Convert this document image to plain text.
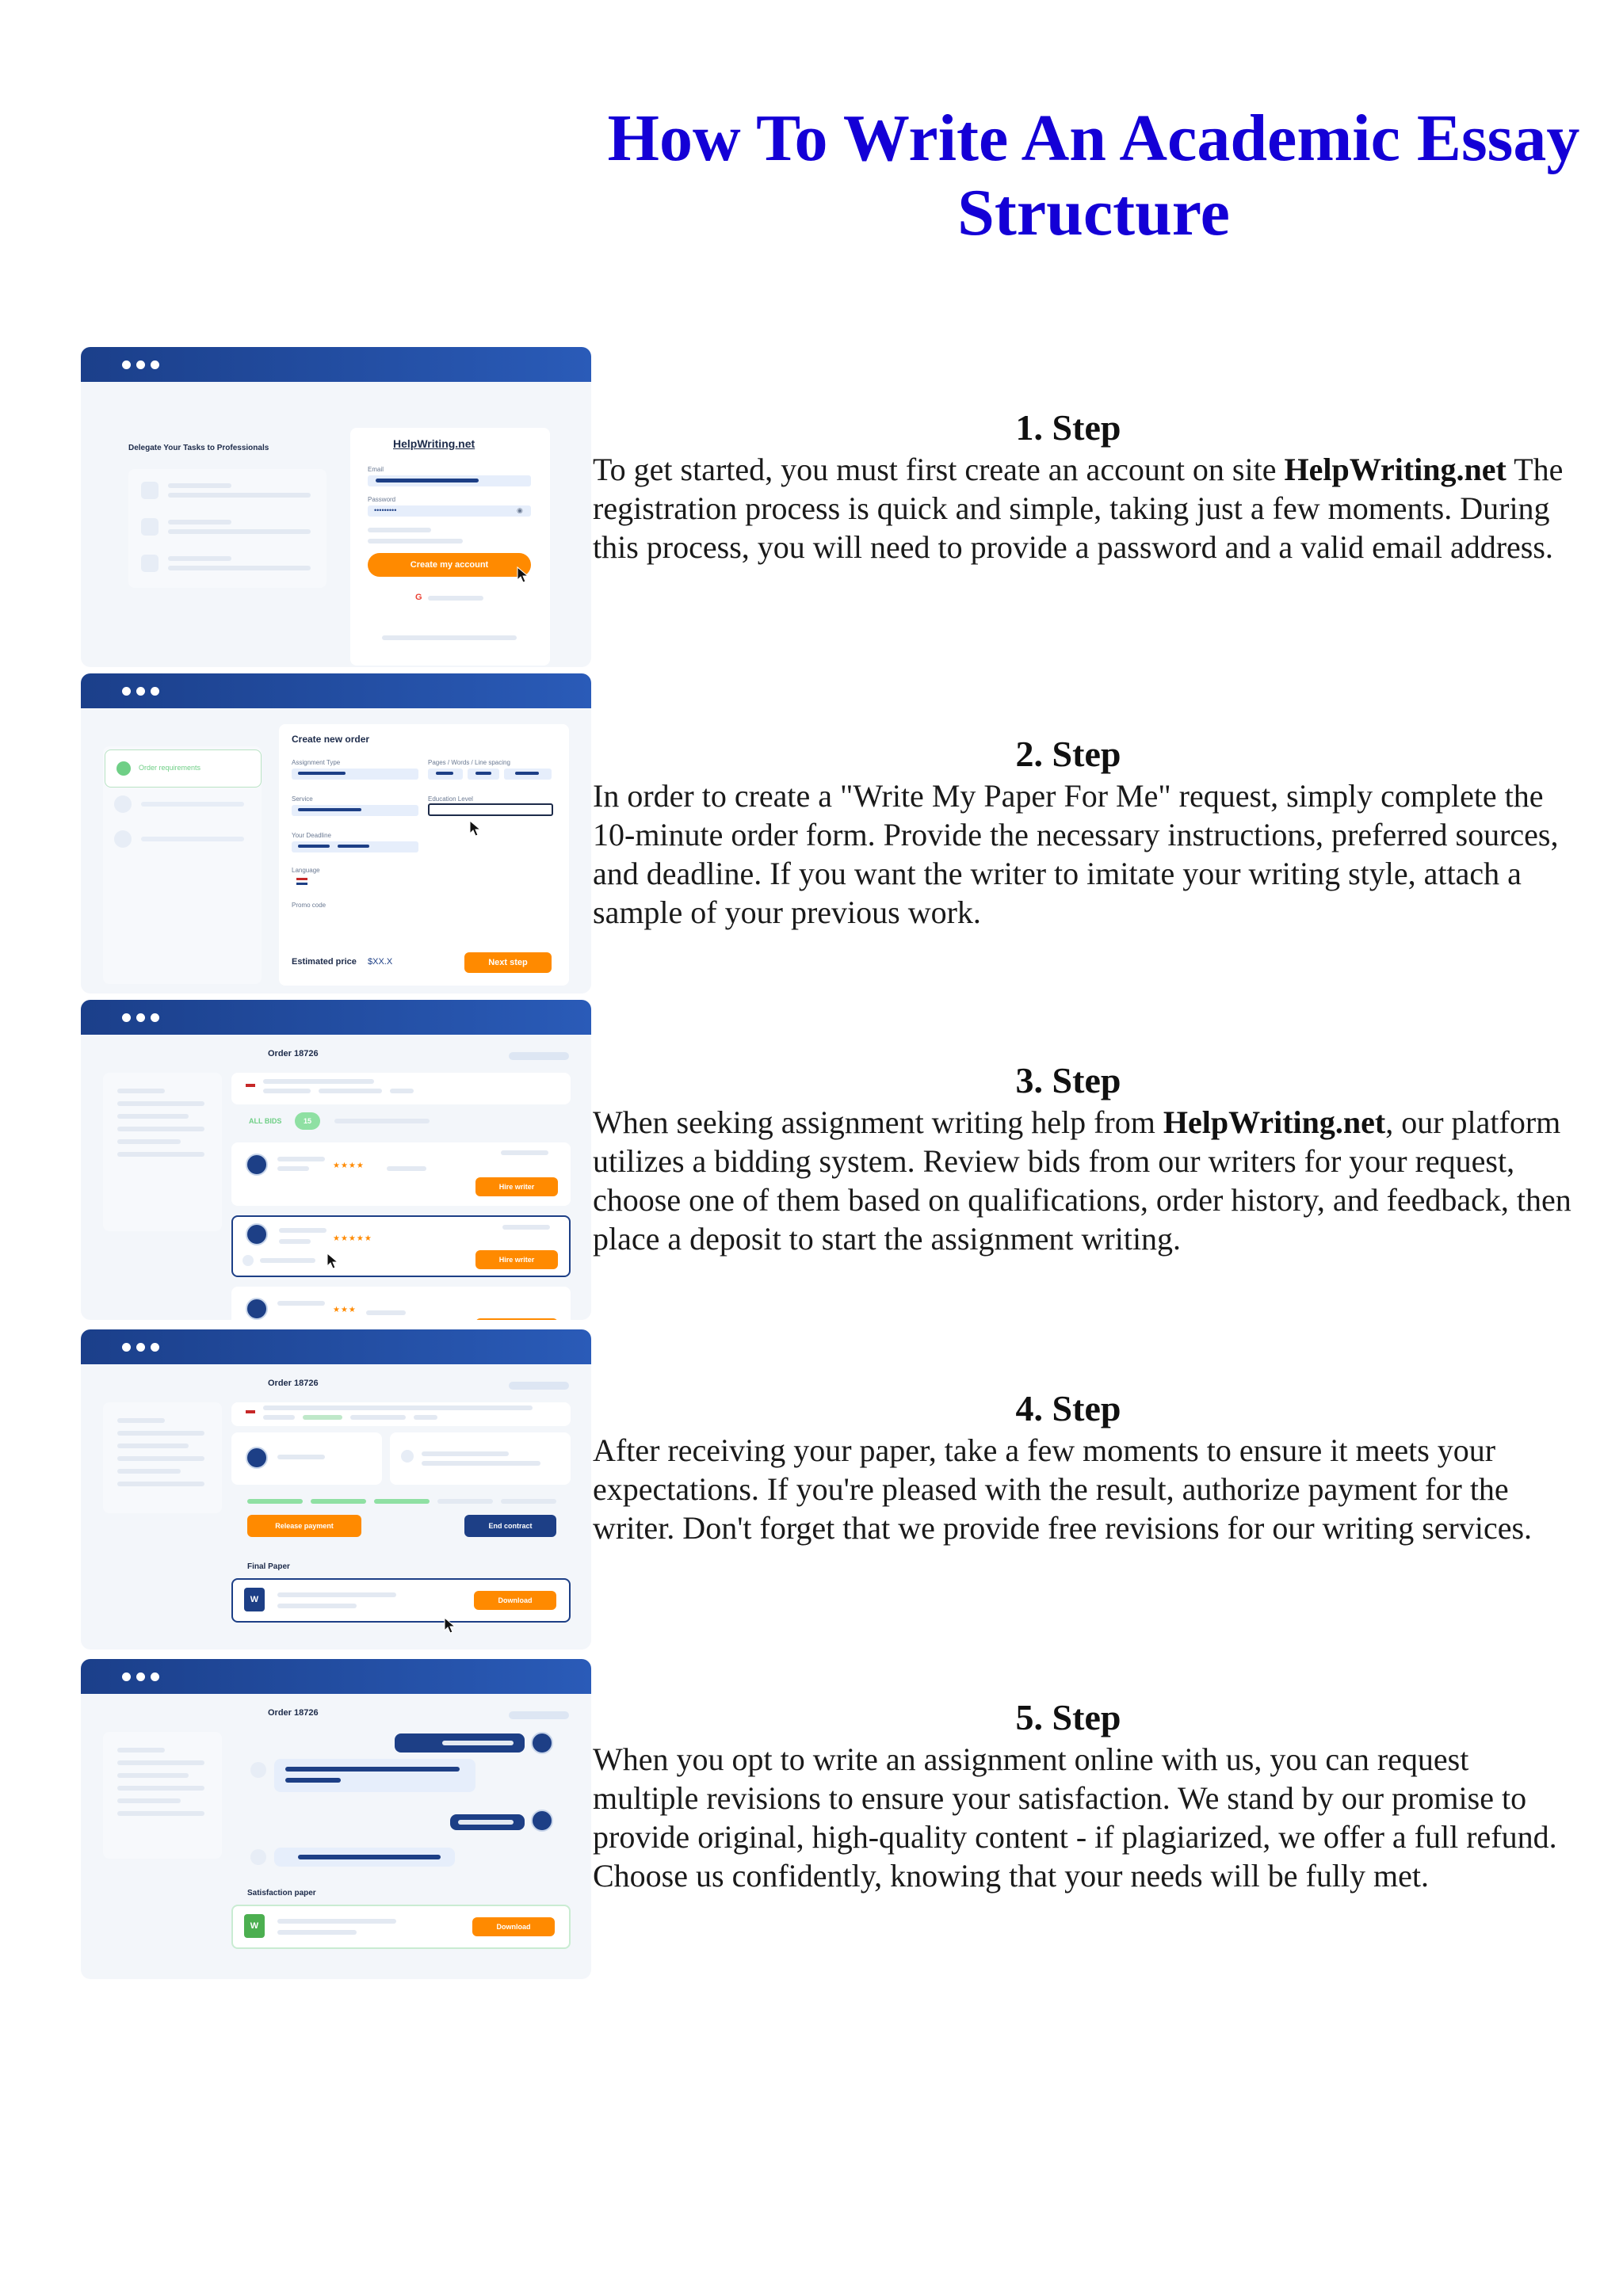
How To Write An Academic Essay Structure
Delegate Your Tasks to Professionals	HelpWriting.net
Email
Password
•••••••••	◉
Create my account
G
Order requirements
Create new order
Assignment Type	Pages / Words / Line spacing
Service	Education Level
Your Deadline
Language
Promo code
Estimated price $XX.X	Next step
Order 18726
ALL BIDS	15
★★★★
Hire writer
★★★★★
Hire writer
★★★
Order 18726
Release payment	End contract
Final Paper
W	Download
Order 18726
Satisfaction paper
W	Download
1. Step

To get started, you must first create an account on site HelpWriting.net The registration process is quick and simple, taking just a few moments. During this process, you will need to provide a password and a valid email address.

2. Step

In order to create a "Write My Paper For Me" request, simply complete the 10-minute order form. Provide the necessary instructions, preferred sources, and deadline. If you want the writer to imitate your writing style, attach a sample of your previous work.

3. Step

When seeking assignment writing help from HelpWriting.net, our platform utilizes a bidding system. Review bids from our writers for your request, choose one of them based on qualifications, order history, and feedback, then place a deposit to start the assignment writing.

4. Step

After receiving your paper, take a few moments to ensure it meets your expectations. If you're pleased with the result, authorize payment for the writer. Don't forget that we provide free revisions for our writing services.

5. Step

When you opt to write an assignment online with us, you can request multiple revisions to ensure your satisfaction. We stand by our promise to provide original, high-quality content - if plagiarized, we offer a full refund. Choose us confidently, knowing that your needs will be fully met.
